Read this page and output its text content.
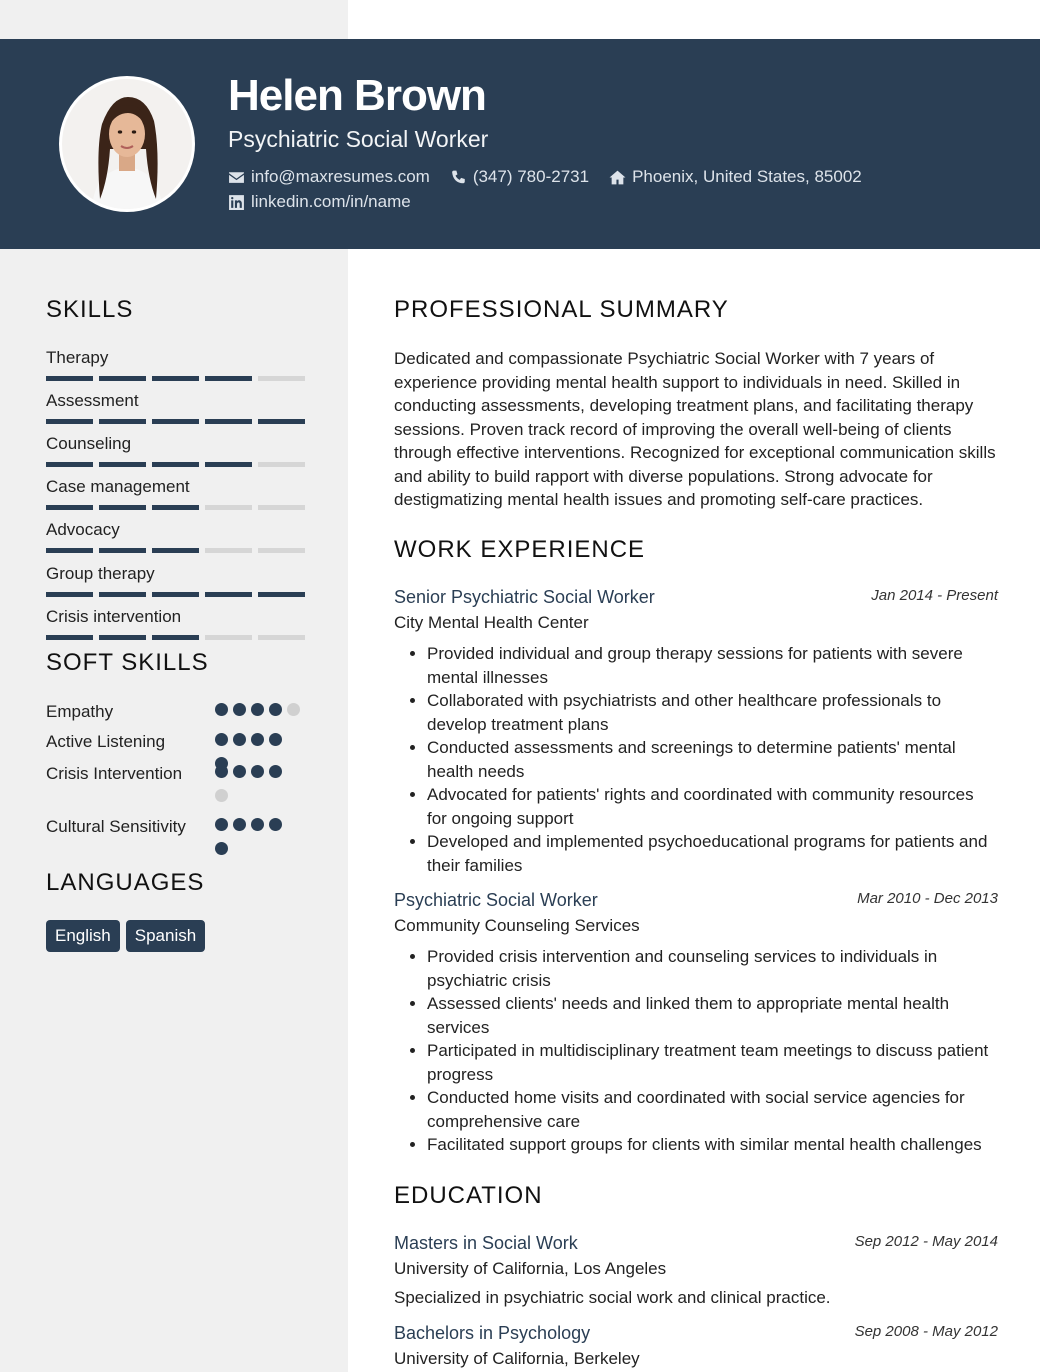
Helen Brown
Psychiatric Social Worker
info@maxresumes.com	(347) 780-2731	Phoenix, United States, 85002
linkedin.com/in/name
SKILLS
Therapy
Assessment
Counseling
Case management
Advocacy
Group therapy
Crisis intervention
SOFT SKILLS
Empathy
Active Listening
Crisis Intervention
Cultural Sensitivity
LANGUAGES
English	Spanish
PROFESSIONAL SUMMARY
Dedicated and compassionate Psychiatric Social Worker with 7 years of experience providing mental health support to individuals in need. Skilled in conducting assessments, developing treatment plans, and facilitating therapy sessions. Proven track record of improving the overall well-being of clients through effective interventions. Recognized for exceptional communication skills and ability to build rapport with diverse populations. Strong advocate for destigmatizing mental health issues and promoting self-care practices.
WORK EXPERIENCE
Senior Psychiatric Social Worker	Jan 2014 - Present
City Mental Health Center
• Provided individual and group therapy sessions for patients with severe mental illnesses
• Collaborated with psychiatrists and other healthcare professionals to develop treatment plans
• Conducted assessments and screenings to determine patients' mental health needs
• Advocated for patients' rights and coordinated with community resources for ongoing support
• Developed and implemented psychoeducational programs for patients and their families
Psychiatric Social Worker	Mar 2010 - Dec 2013
Community Counseling Services
• Provided crisis intervention and counseling services to individuals in psychiatric crisis
• Assessed clients' needs and linked them to appropriate mental health services
• Participated in multidisciplinary treatment team meetings to discuss patient progress
• Conducted home visits and coordinated with social service agencies for comprehensive care
• Facilitated support groups for clients with similar mental health challenges
EDUCATION
Masters in Social Work	Sep 2012 - May 2014
University of California, Los Angeles
Specialized in psychiatric social work and clinical practice.
Bachelors in Psychology	Sep 2008 - May 2012
University of California, Berkeley
